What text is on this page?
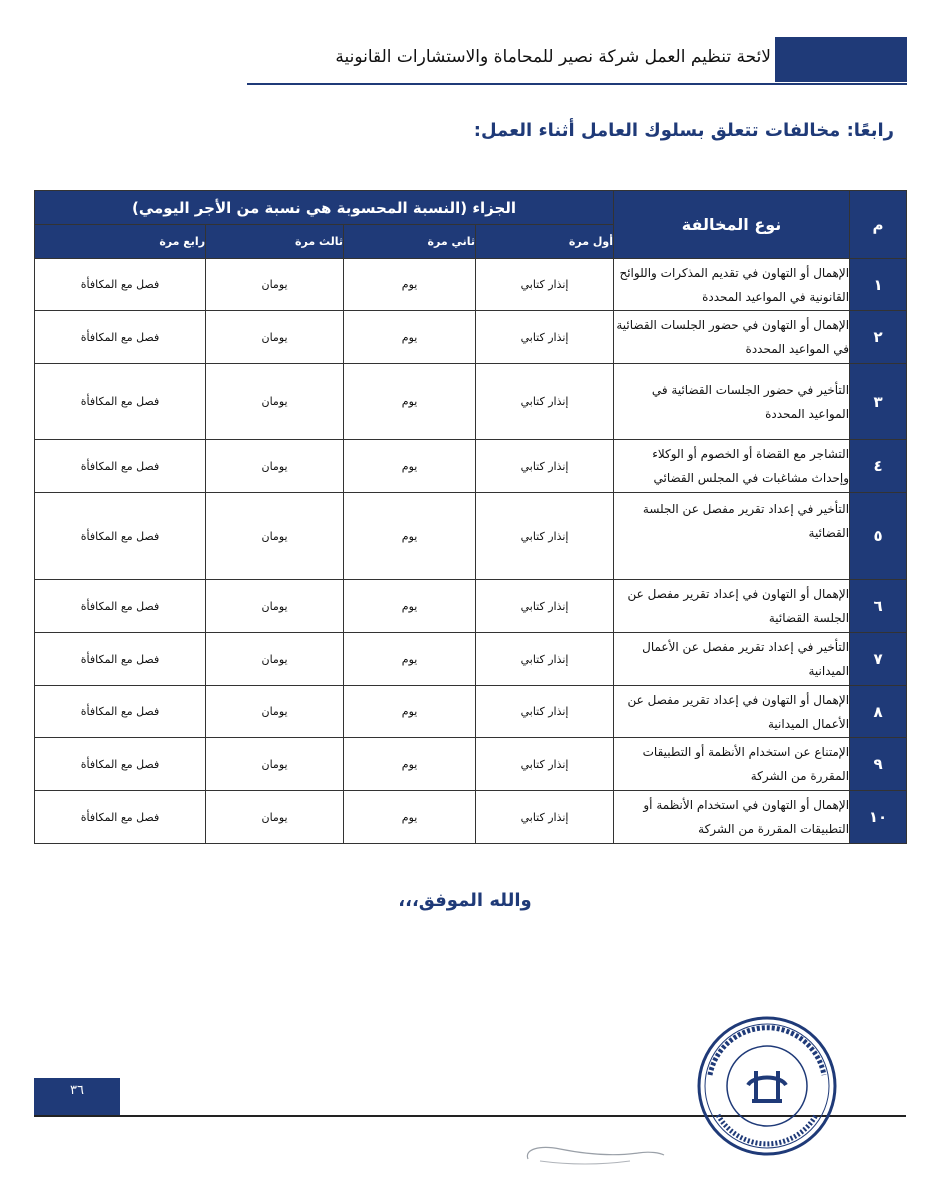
لائحة تنظيم العمل شركة نصير للمحاماة والاستشارات القانونية
رابعًا: مخالفات تتعلق بسلوك العامل أثناء العمل:
م	نوع المخالفة	الجزاء (النسبة المحسوبة هي نسبة من الأجر اليومي)			
		أول مرة	ثاني مرة	ثالث مرة	رابع مرة
١	الإهمال أو التهاون في تقديم المذكرات واللوائح القانونية في المواعيد المحددة	إنذار كتابي	يوم	يومان	فصل مع المكافأة
٢	الإهمال أو التهاون في حضور الجلسات القضائية في المواعيد المحددة	إنذار كتابي	يوم	يومان	فصل مع المكافأة
٣	التأخير في حضور الجلسات القضائية في المواعيد المحددة	إنذار كتابي	يوم	يومان	فصل مع المكافأة
٤	التشاجر مع القضاة أو الخصوم أو الوكلاء وإحداث مشاغبات في المجلس القضائي	إنذار كتابي	يوم	يومان	فصل مع المكافأة
٥	التأخير في إعداد تقرير مفصل عن الجلسة القضائية	إنذار كتابي	يوم	يومان	فصل مع المكافأة
٦	الإهمال أو التهاون في إعداد تقرير مفصل عن الجلسة القضائية	إنذار كتابي	يوم	يومان	فصل مع المكافأة
٧	التأخير في إعداد تقرير مفصل عن الأعمال الميدانية	إنذار كتابي	يوم	يومان	فصل مع المكافأة
٨	الإهمال أو التهاون في إعداد تقرير مفصل عن الأعمال الميدانية	إنذار كتابي	يوم	يومان	فصل مع المكافأة
٩	الإمتناع عن استخدام الأنظمة أو التطبيقات المقررة من الشركة	إنذار كتابي	يوم	يومان	فصل مع المكافأة
١٠	الإهمال أو التهاون في استخدام الأنظمة أو التطبيقات المقررة من الشركة	إنذار كتابي	يوم	يومان	فصل مع المكافأة
والله الموفق،،،
٣٦
